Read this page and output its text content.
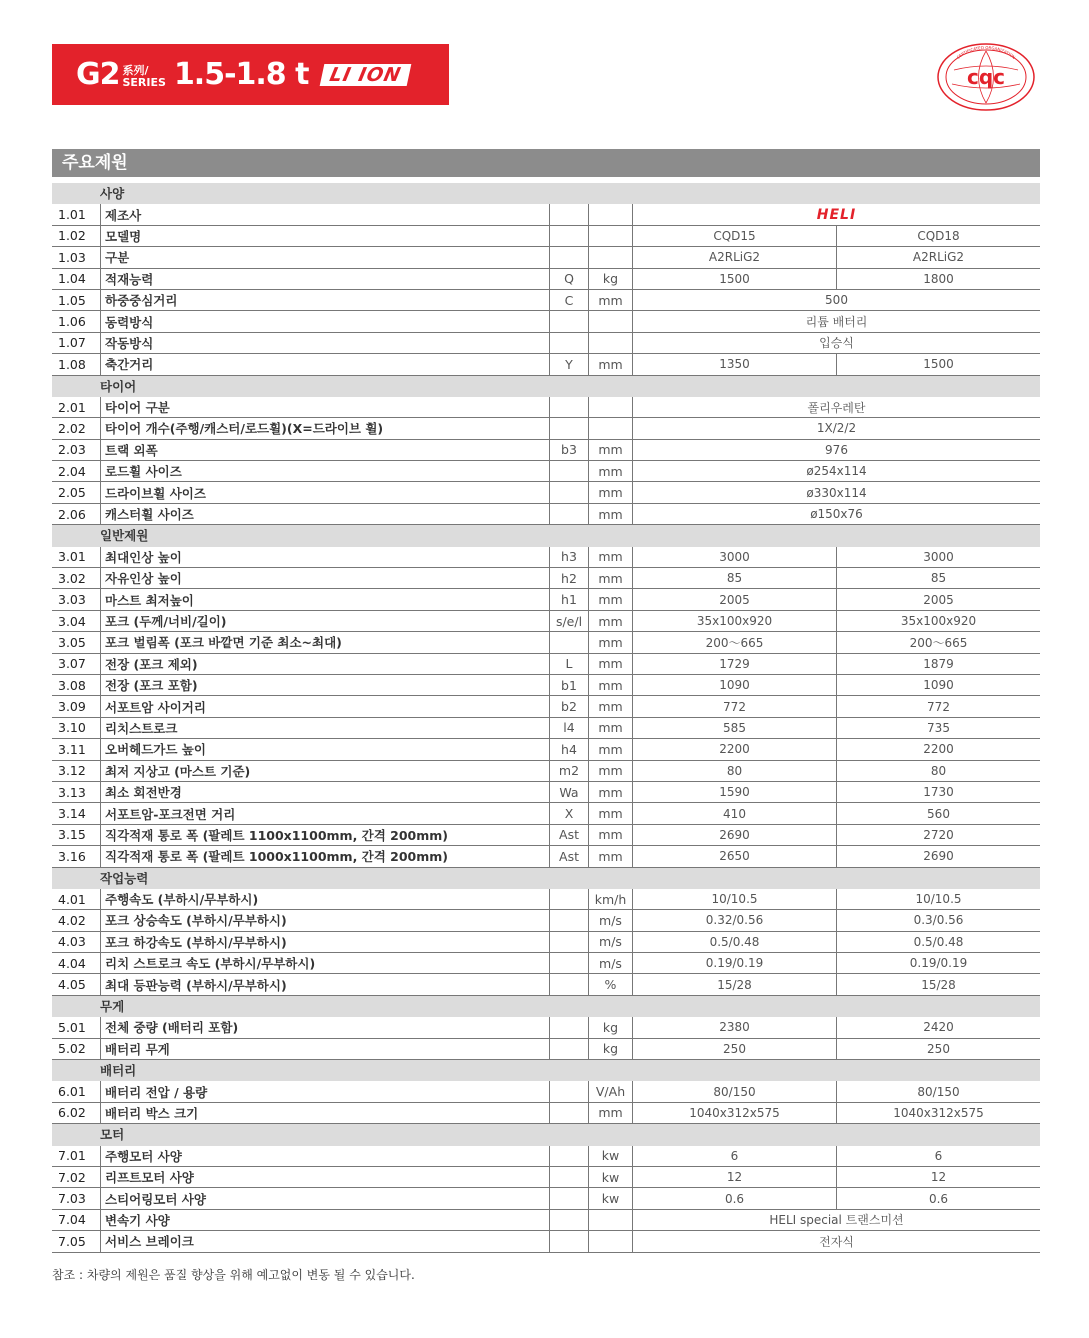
G2 系列/
SERIES 1.5-1.8 t	LI ION
CERTIFICATED ORGANIZATION
cqc
주요제원
사양					
1.01	제조사			HELI	
1.02	모델명			CQD15	CQD18
1.03	구분			A2RLiG2	A2RLiG2
1.04	적재능력	Q	kg	1500	1800
1.05	하중중심거리	C	mm	500	
1.06	동력방식			리튬 배터리	
1.07	작동방식			입승식	
1.08	축간거리	Y	mm	1350	1500
타이어					
2.01	타이어 구분			폴리우레탄	
2.02	타이어 개수(주행/캐스터/로드휠)(X=드라이브 휠)			1X/2/2	
2.03	트랙 외폭	b3	mm	976	
2.04	로드휠 사이즈		mm	ø254x114	
2.05	드라이브휠 사이즈		mm	ø330x114	
2.06	캐스터휠 사이즈		mm	ø150x76	
일반제원					
3.01	최대인상 높이	h3	mm	3000	3000
3.02	자유인상 높이	h2	mm	85	85
3.03	마스트 최저높이	h1	mm	2005	2005
3.04	포크 (두께/너비/길이)	s/e/l	mm	35x100x920	35x100x920
3.05	포크 벌림폭 (포크 바깥면 기준 최소~최대)		mm	200～665	200～665
3.07	전장 (포크 제외)	L	mm	1729	1879
3.08	전장 (포크 포함)	b1	mm	1090	1090
3.09	서포트암 사이거리	b2	mm	772	772
3.10	리치스트로크	l4	mm	585	735
3.11	오버헤드가드 높이	h4	mm	2200	2200
3.12	최저 지상고 (마스트 기준)	m2	mm	80	80
3.13	최소 회전반경	Wa	mm	1590	1730
3.14	서포트암-포크전면 거리	X	mm	410	560
3.15	직각적재 통로 폭 (팔레트 1100x1100mm, 간격 200mm)	Ast	mm	2690	2720
3.16	직각적재 통로 폭 (팔레트 1000x1100mm, 간격 200mm)	Ast	mm	2650	2690
작업능력					
4.01	주행속도 (부하시/무부하시)		km/h	10/10.5	10/10.5
4.02	포크 상승속도 (부하시/무부하시)		m/s	0.32/0.56	0.3/0.56
4.03	포크 하강속도 (부하시/무부하시)		m/s	0.5/0.48	0.5/0.48
4.04	리치 스트로크 속도 (부하시/무부하시)		m/s	0.19/0.19	0.19/0.19
4.05	최대 등판능력 (부하시/무부하시)		%	15/28	15/28
무게					
5.01	전체 중량 (배터리 포함)		kg	2380	2420
5.02	배터리 무게		kg	250	250
배터리					
6.01	배터리 전압 / 용량		V/Ah	80/150	80/150
6.02	배터리 박스 크기		mm	1040x312x575	1040x312x575
모터					
7.01	주행모터 사양		kw	6	6
7.02	리프트모터 사양		kw	12	12
7.03	스티어링모터 사양		kw	0.6	0.6
7.04	변속기 사양			HELI special 트랜스미션	
7.05	서비스 브레이크			전자식	
참조 : 차량의 제원은 품질 향상을 위해 예고없이 변동 될 수 있습니다.
